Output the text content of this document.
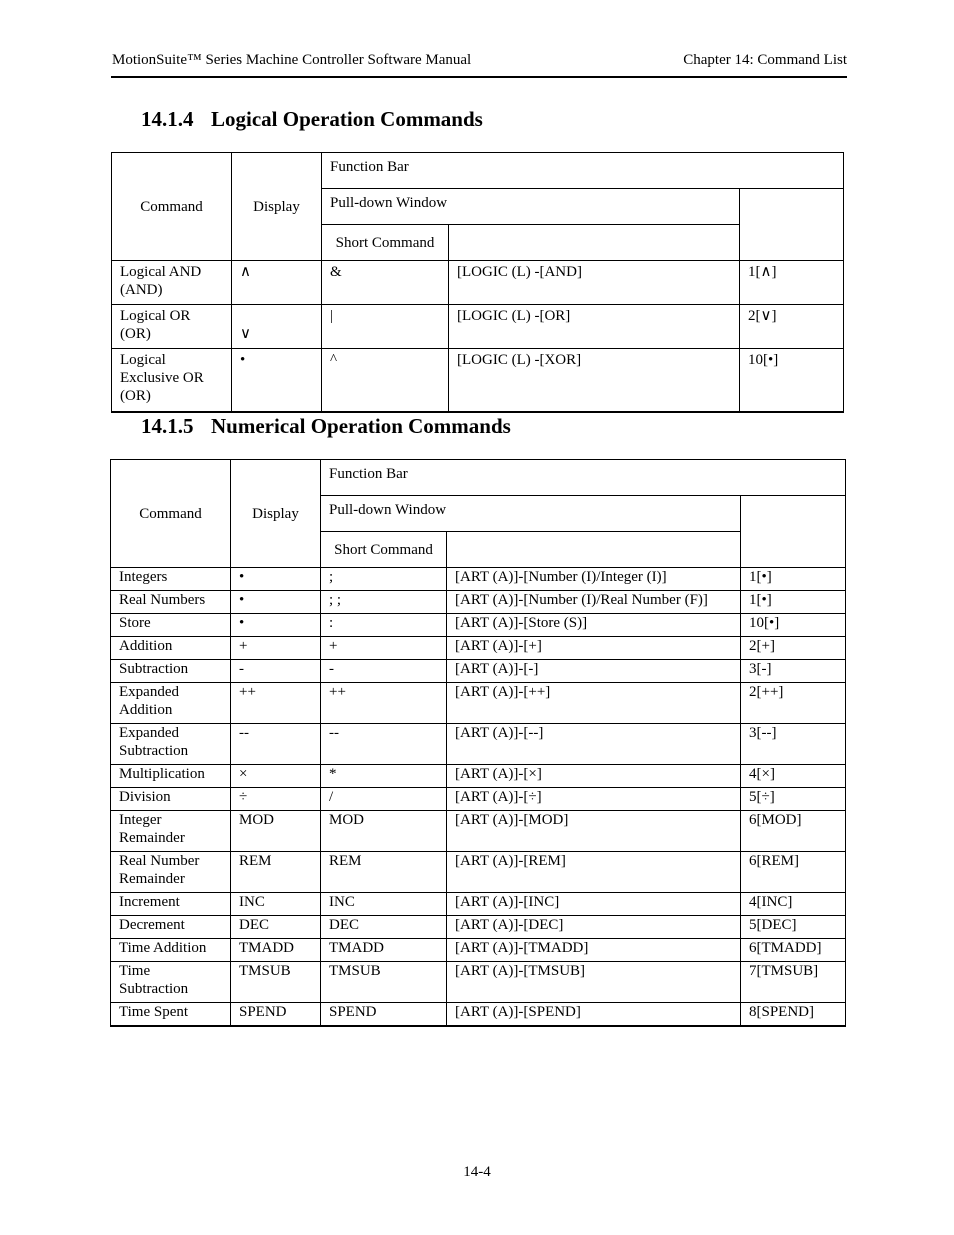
MotionSuite™ Series Machine Controller Software Manual	Chapter 14: Command List
14.1.4 Logical Operation Commands
Command	Display	Function Bar		
		Pull-down Window		
		Short Command		
Logical AND (AND)	∧	&	[LOGIC (L) -[AND]	1[∧]
Logical OR (OR)	∨	|	[LOGIC (L) -[OR]	2[∨]
Logical Exclusive OR (OR)	•	^	[LOGIC (L) -[XOR]	10[•]
14.1.5 Numerical Operation Commands
Command	Display	Function Bar		
		Pull-down Window		
		Short Command		
Integers	•	;	[ART (A)]-[Number (I)/Integer (I)]	1[•]
Real Numbers	•	; ;	[ART (A)]-[Number (I)/Real Number (F)]	1[•]
Store	•	:	[ART (A)]-[Store (S)]	10[•]
Addition	+	+	[ART (A)]-[+]	2[+]
Subtraction	-	-	[ART (A)]-[-]	3[-]
Expanded Addition	++	++	[ART (A)]-[++]	2[++]
Expanded Subtraction	--	--	[ART (A)]-[--]	3[--]
Multiplication	×	*	[ART (A)]-[×]	4[×]
Division	÷	/	[ART (A)]-[÷]	5[÷]
Integer Remainder	MOD	MOD	[ART (A)]-[MOD]	6[MOD]
Real Number Remainder	REM	REM	[ART (A)]-[REM]	6[REM]
Increment	INC	INC	[ART (A)]-[INC]	4[INC]
Decrement	DEC	DEC	[ART (A)]-[DEC]	5[DEC]
Time Addition	TMADD	TMADD	[ART (A)]-[TMADD]	6[TMADD]
Time Subtraction	TMSUB	TMSUB	[ART (A)]-[TMSUB]	7[TMSUB]
Time Spent	SPEND	SPEND	[ART (A)]-[SPEND]	8[SPEND]
14-4
